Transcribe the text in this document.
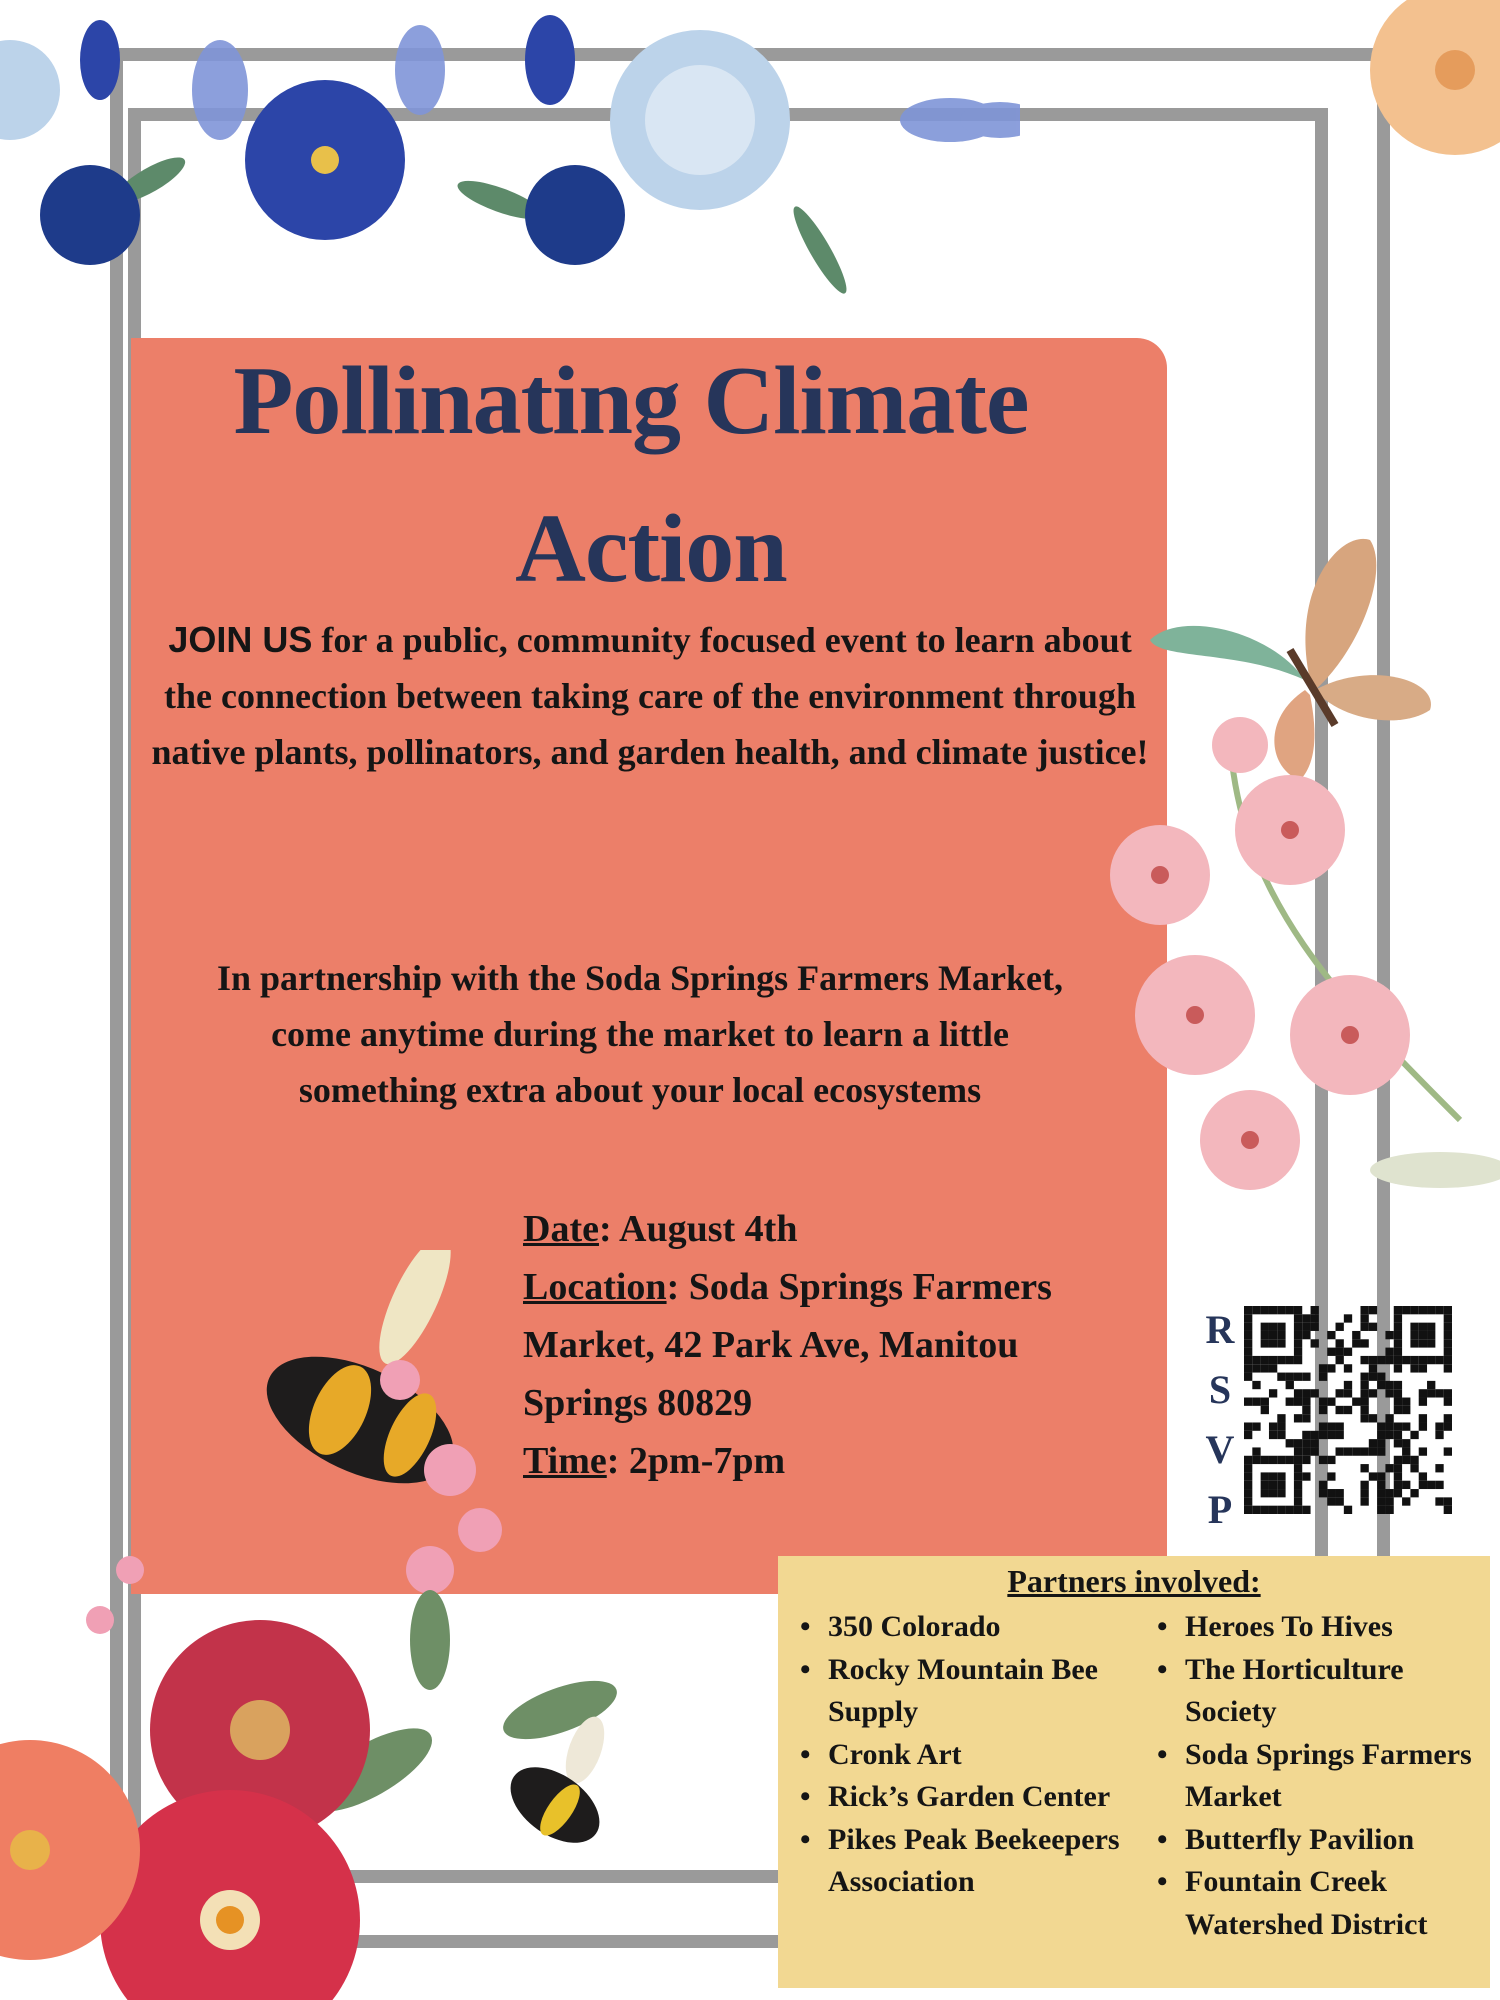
Pollinating Climate
Action
JOIN US for a public, community focused event to learn about the connection between taking care of the environment through native plants, pollinators, and garden health, and climate justice!
In partnership with the Soda Springs Farmers Market, come anytime during the market to learn a little something extra about your local ecosystems
Date: August 4th
Location: Soda Springs Farmers Market, 42 Park Ave, Manitou Springs 80829
Time: 2pm-7pm
R
S
V
P
Partners involved:
• 350 Colorado
• Rocky Mountain Bee Supply
• Cronk Art
• Rick’s Garden Center
• Pikes Peak Beekeepers Association
• Heroes To Hives
• The Horticulture Society
• Soda Springs Farmers Market
• Butterfly Pavilion
• Fountain Creek Watershed District
